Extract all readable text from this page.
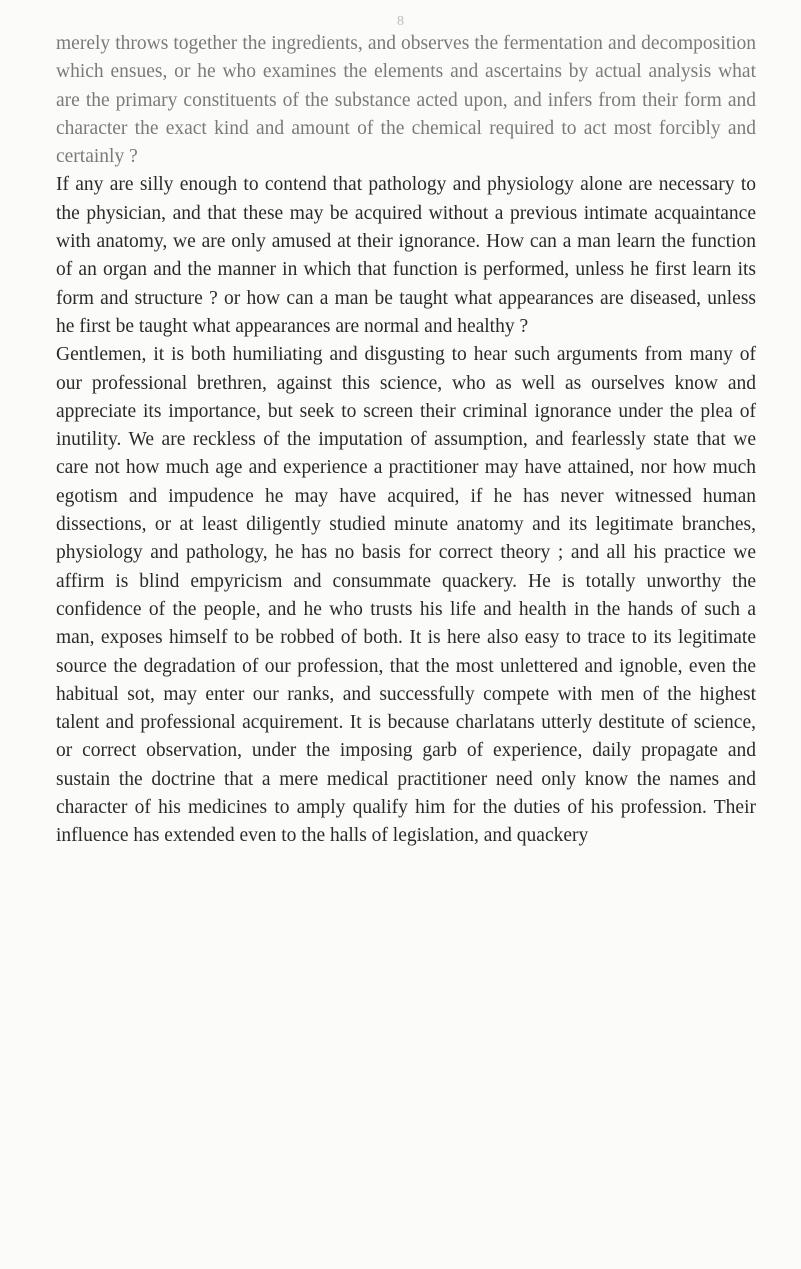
8

merely throws together the ingredients, and observes the fermentation and decomposition which ensues, or he who examines the elements and ascertains by actual analysis what are the primary constituents of the substance acted upon, and infers from their form and character the exact kind and amount of the chemical required to act most forcibly and certainly ?

If any are silly enough to contend that pathology and physiology alone are necessary to the physician, and that these may be acquired without a previous intimate acquaintance with anatomy, we are only amused at their ignorance. How can a man learn the function of an organ and the manner in which that function is performed, unless he first learn its form and structure ? or how can a man be taught what appearances are diseased, unless he first be taught what appearances are normal and healthy ?

Gentlemen, it is both humiliating and disgusting to hear such arguments from many of our professional brethren, against this science, who as well as ourselves know and appreciate its importance, but seek to screen their criminal ignorance under the plea of inutility. We are reckless of the imputation of assumption, and fearlessly state that we care not how much age and experience a practitioner may have attained, nor how much egotism and impudence he may have acquired, if he has never witnessed human dissections, or at least diligently studied minute anatomy and its legitimate branches, physiology and pathology, he has no basis for correct theory ; and all his practice we affirm is blind empyricism and consummate quackery. He is totally unworthy the confidence of the people, and he who trusts his life and health in the hands of such a man, exposes himself to be robbed of both. It is here also easy to trace to its legitimate source the degradation of our profession, that the most unlettered and ignoble, even the habitual sot, may enter our ranks, and successfully compete with men of the highest talent and professional acquirement. It is because charlatans utterly destitute of science, or correct observation, under the imposing garb of experience, daily propagate and sustain the doctrine that a mere medical practitioner need only know the names and character of his medicines to amply qualify him for the duties of his profession. Their influence has extended even to the halls of legislation, and quackery
